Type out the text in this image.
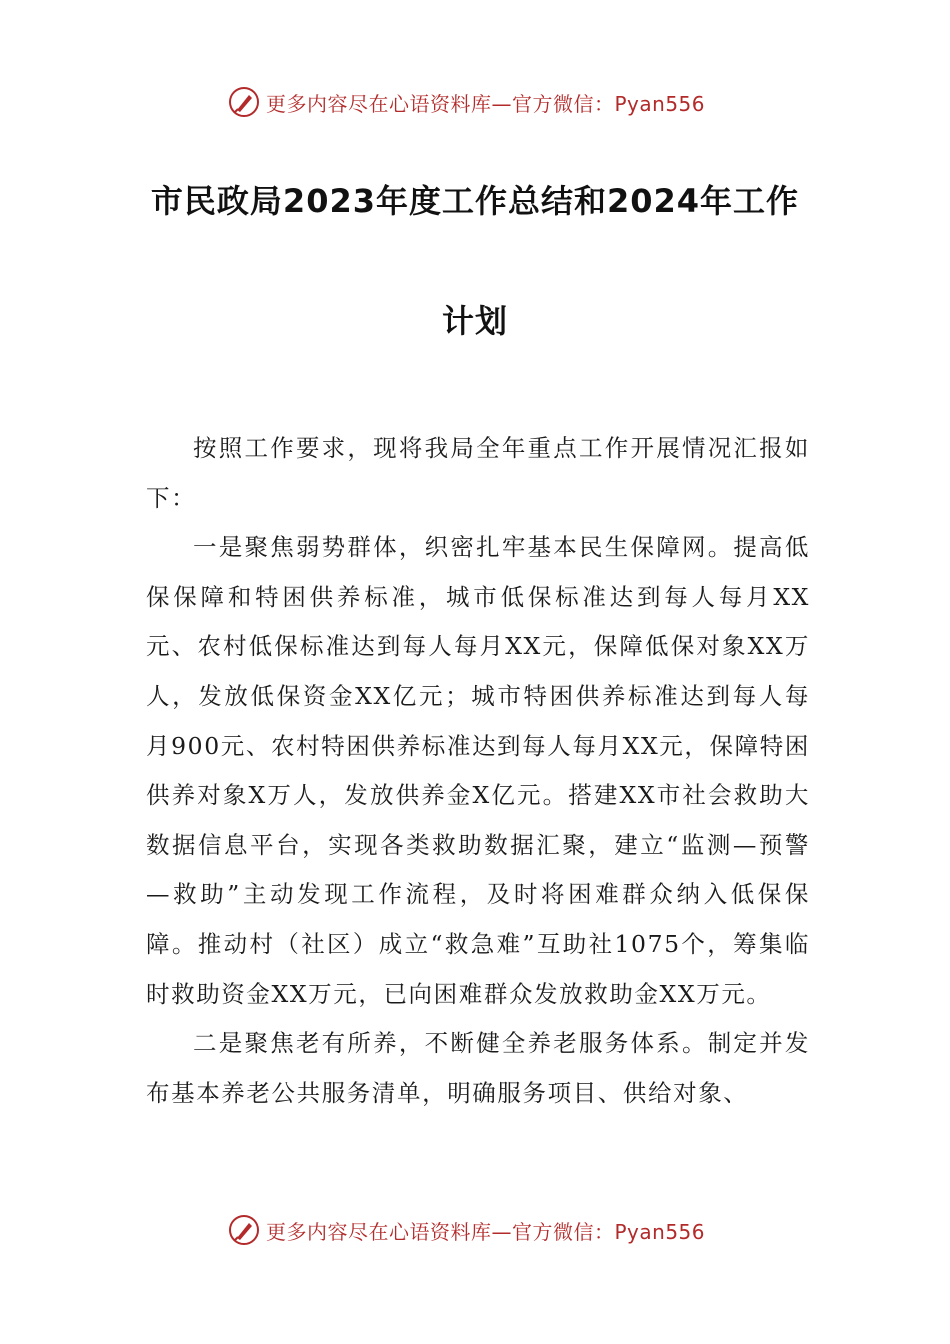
更多内容尽在心语资料库—官方微信：Pyan556
市民政局2023年度工作总结和2024年工作
计划

按照工作要求，现将我局全年重点工作开展情况汇报如下：

一是聚焦弱势群体，织密扎牢基本民生保障网。提高低保保障和特困供养标准，城市低保标准达到每人每月XX元、农村低保标准达到每人每月XX元，保障低保对象XX万人，发放低保资金XX亿元；城市特困供养标准达到每人每月900元、农村特困供养标准达到每人每月XX元，保障特困供养对象X万人，发放供养金X亿元。搭建XX市社会救助大数据信息平台，实现各类救助数据汇聚，建立“监测—预警—救助”主动发现工作流程，及时将困难群众纳入低保保障。推动村（社区）成立“救急难”互助社1075个，筹集临时救助资金XX万元，已向困难群众发放救助金XX万元。

二是聚焦老有所养，不断健全养老服务体系。制定并发布基本养老公共服务清单，明确服务项目、供给对象、

更多内容尽在心语资料库—官方微信：Pyan556
